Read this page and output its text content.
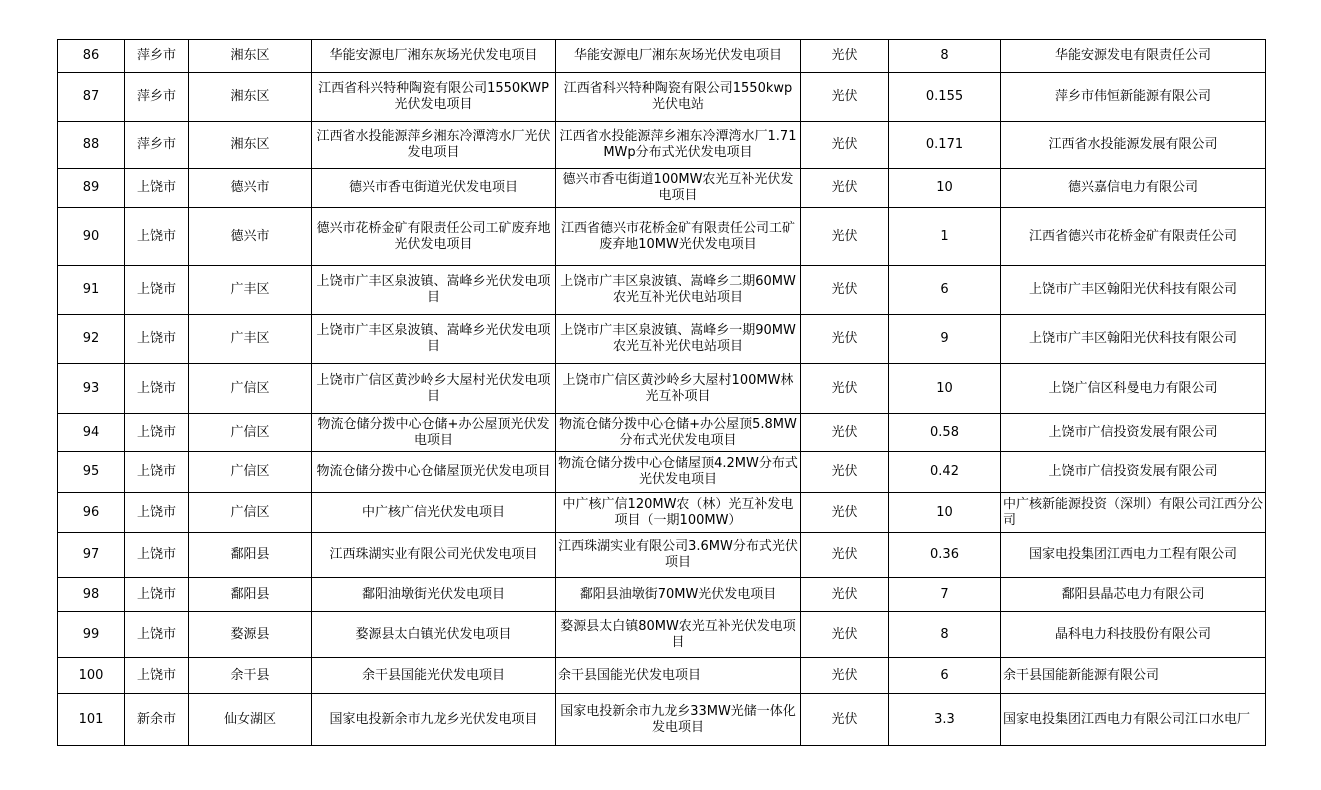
86	萍乡市	湘东区	华能安源电厂湘东灰场光伏发电项目	华能安源电厂湘东灰场光伏发电项目	光伏	8	华能安源发电有限责任公司
87	萍乡市	湘东区	江西省科兴特种陶瓷有限公司1550KWP光伏发电项目	江西省科兴特种陶瓷有限公司1550kwp光伏电站	光伏	0.155	萍乡市伟恒新能源有限公司
88	萍乡市	湘东区	江西省水投能源萍乡湘东冷潭湾水厂光伏发电项目	江西省水投能源萍乡湘东冷潭湾水厂1.71MWp分布式光伏发电项目	光伏	0.171	江西省水投能源发展有限公司
89	上饶市	德兴市	德兴市香屯街道光伏发电项目	德兴市香屯街道100MW农光互补光伏发电项目	光伏	10	德兴嘉信电力有限公司
90	上饶市	德兴市	德兴市花桥金矿有限责任公司工矿废弃地光伏发电项目	江西省德兴市花桥金矿有限责任公司工矿废弃地10MW光伏发电项目	光伏	1	江西省德兴市花桥金矿有限责任公司
91	上饶市	广丰区	上饶市广丰区泉波镇、嵩峰乡光伏发电项目	上饶市广丰区泉波镇、嵩峰乡二期60MW农光互补光伏电站项目	光伏	6	上饶市广丰区翰阳光伏科技有限公司
92	上饶市	广丰区	上饶市广丰区泉波镇、嵩峰乡光伏发电项目	上饶市广丰区泉波镇、嵩峰乡一期90MW农光互补光伏电站项目	光伏	9	上饶市广丰区翰阳光伏科技有限公司
93	上饶市	广信区	上饶市广信区黄沙岭乡大屋村光伏发电项目	上饶市广信区黄沙岭乡大屋村100MW林光互补项目	光伏	10	上饶广信区科曼电力有限公司
94	上饶市	广信区	物流仓储分拨中心仓储+办公屋顶光伏发电项目	物流仓储分拨中心仓储+办公屋顶5.8MW分布式光伏发电项目	光伏	0.58	上饶市广信投资发展有限公司
95	上饶市	广信区	物流仓储分拨中心仓储屋顶光伏发电项目	物流仓储分拨中心仓储屋顶4.2MW分布式光伏发电项目	光伏	0.42	上饶市广信投资发展有限公司
96	上饶市	广信区	中广核广信光伏发电项目	中广核广信120MW农（林）光互补发电项目（一期100MW）	光伏	10	中广核新能源投资（深圳）有限公司江西分公司
97	上饶市	鄱阳县	江西珠湖实业有限公司光伏发电项目	江西珠湖实业有限公司3.6MW分布式光伏项目	光伏	0.36	国家电投集团江西电力工程有限公司
98	上饶市	鄱阳县	鄱阳油墩街光伏发电项目	鄱阳县油墩街70MW光伏发电项目	光伏	7	鄱阳县晶芯电力有限公司
99	上饶市	婺源县	婺源县太白镇光伏发电项目	婺源县太白镇80MW农光互补光伏发电项目	光伏	8	晶科电力科技股份有限公司
100	上饶市	余干县	余干县国能光伏发电项目	余干县国能光伏发电项目	光伏	6	余干县国能新能源有限公司
101	新余市	仙女湖区	国家电投新余市九龙乡光伏发电项目	国家电投新余市九龙乡33MW光储一体化发电项目	光伏	3.3	国家电投集团江西电力有限公司江口水电厂
